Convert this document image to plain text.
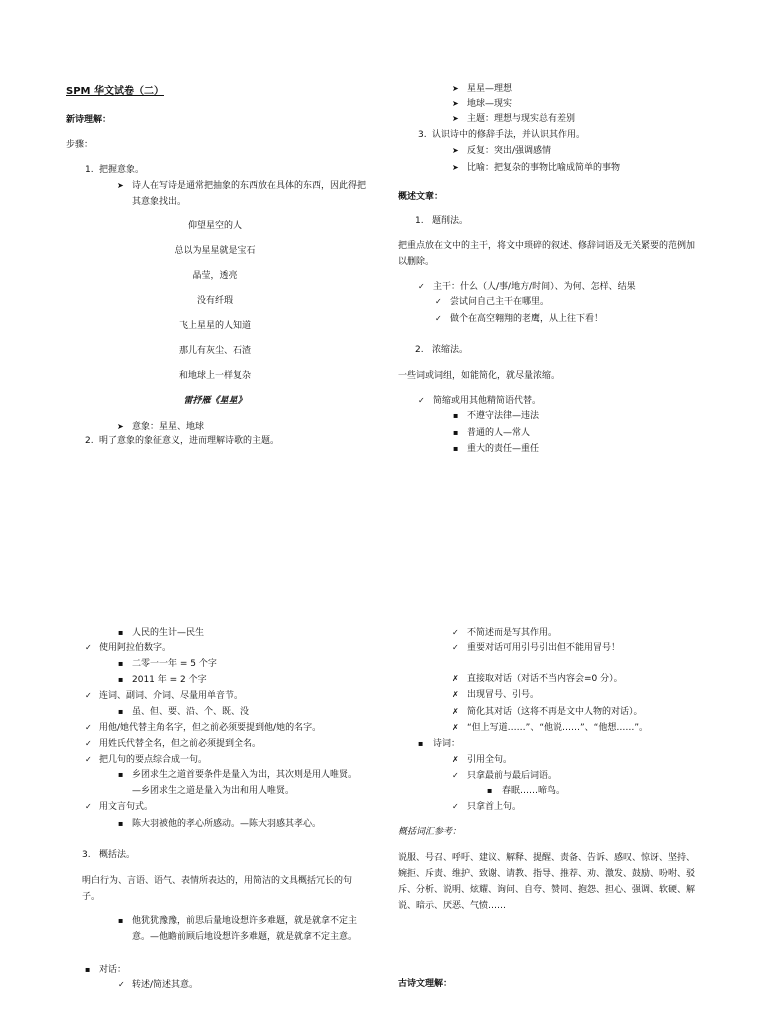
SPM 华文试卷（二）
新诗理解：
步骤：
1. 把握意象。
➤
诗人在写诗是通常把抽象的东西放在具体的东西，因此得把其意象找出。
仰望星空的人
总以为星星就是宝石
晶莹，透亮
没有纤瑕
飞上星星的人知道
那儿有灰尘、石渣
和地球上一样复杂
雷抒雁《星星》
➤
意象：星星、地球
2. 明了意象的象征意义，进而理解诗歌的主题。
➤
星星—理想
➤
地球—现实
➤
主题：理想与现实总有差别
3. 认识诗中的修辞手法，并认识其作用。
➤
反复：突出/强调感情
➤
比喻：把复杂的事物比喻成简单的事物
概述文章：
1. 题削法。
把重点放在文中的主干，将文中琐碎的叙述、修辞词语及无关紧要的范例加以删除。
✓
主干：什么（人/事/地方/时间）、为何、怎样、结果
✓
尝试问自己主干在哪里。
✓
做个在高空翱翔的老鹰，从上往下看！
2. 浓缩法。
一些词或词组，如能简化，就尽量浓缩。
✓
简缩或用其他精简语代替。
▪
不遵守法律—违法
▪
普通的人—常人
▪
重大的责任—重任
▪
人民的生计—民生
✓
使用阿拉伯数字。
▪
二零一一年 = 5 个字
▪
2011 年 = 2 个字
✓
连词、副词、介词、尽量用单音节。
▪
虽、但、要、沿、个、既、没
✓
用他/她代替主角名字，但之前必须要提到他/她的名字。
✓
用姓氏代替全名，但之前必须提到全名。
✓
把几句的要点综合成一句。
▪
乡团求生之道首要条件是量入为出，其次则是用人唯贤。
—乡团求生之道是量入为出和用人唯贤。
✓
用文言句式。
▪
陈大羽被他的孝心所感动。—陈大羽感其孝心。
3. 概括法。
明白行为、言语、语气、表情所表达的，用简洁的文具概括冗长的句子。
▪
他犹犹豫豫，前思后量地设想许多难题，就是就拿不定主意。—他瞻前顾后地设想许多难题，就是就拿不定主意。
▪
对话：
✓
转述/简述其意。
✓
不简述而是写其作用。
✓
重要对话可用引号引出但不能用冒号！
✗
直接取对话（对话不当内容会=0 分）。
✗
出现冒号、引号。
✗
简化其对话（这将不再是文中人物的对话）。
✗
“但上写道……”、“他说……”、“他想……”。
▪
诗词：
✗
引用全句。
✓
只拿最前与最后词语。
▪
春眠……啼鸟。
✓
只拿首上句。
概括词汇参考：
说服、号召、呼吁、建议、解释、提醒、责备、告诉、感叹、惊讶、坚持、婉拒、斥责、维护、致谢、请教、指导、推荐、劝、激发、鼓励、吩咐、驳斥、分析、说明、炫耀、询问、自夸、赞同、抱怨、担心、强调、软硬、解说、暗示、厌恶、气愤……
古诗文理解：
